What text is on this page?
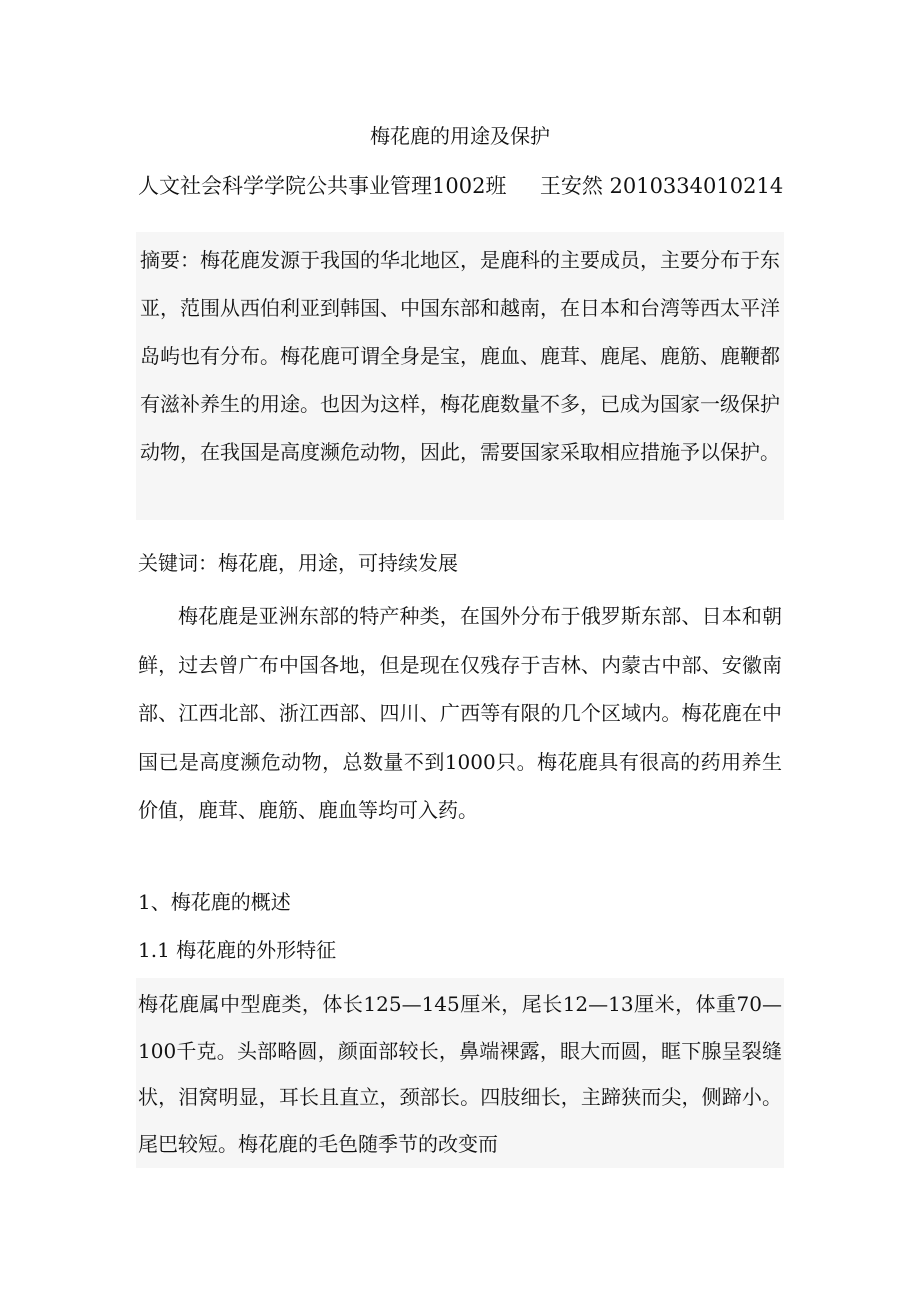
梅花鹿的用途及保护
人文社会科学学院公共事业管理1002班     王安然 2010334010214

摘要：梅花鹿发源于我国的华北地区，是鹿科的主要成员，主要分布于东亚，范围从西伯利亚到韩国、中国东部和越南，在日本和台湾等西太平洋岛屿也有分布。梅花鹿可谓全身是宝，鹿血、鹿茸、鹿尾、鹿筋、鹿鞭都有滋补养生的用途。也因为这样，梅花鹿数量不多，已成为国家一级保护动物，在我国是高度濒危动物，因此，需要国家采取相应措施予以保护。

关键词：梅花鹿，用途，可持续发展

梅花鹿是亚洲东部的特产种类，在国外分布于俄罗斯东部、日本和朝鲜，过去曾广布中国各地，但是现在仅残存于吉林、内蒙古中部、安徽南部、江西北部、浙江西部、四川、广西等有限的几个区域内。梅花鹿在中国已是高度濒危动物，总数量不到1000只。梅花鹿具有很高的药用养生价值，鹿茸、鹿筋、鹿血等均可入药。

1、梅花鹿的概述
1.1 梅花鹿的外形特征

梅花鹿属中型鹿类，体长125—145厘米，尾长12—13厘米，体重70—100千克。头部略圆，颜面部较长，鼻端裸露，眼大而圆，眶下腺呈裂缝状，泪窝明显，耳长且直立，颈部长。四肢细长，主蹄狭而尖，侧蹄小。尾巴较短。梅花鹿的毛色随季节的改变而
